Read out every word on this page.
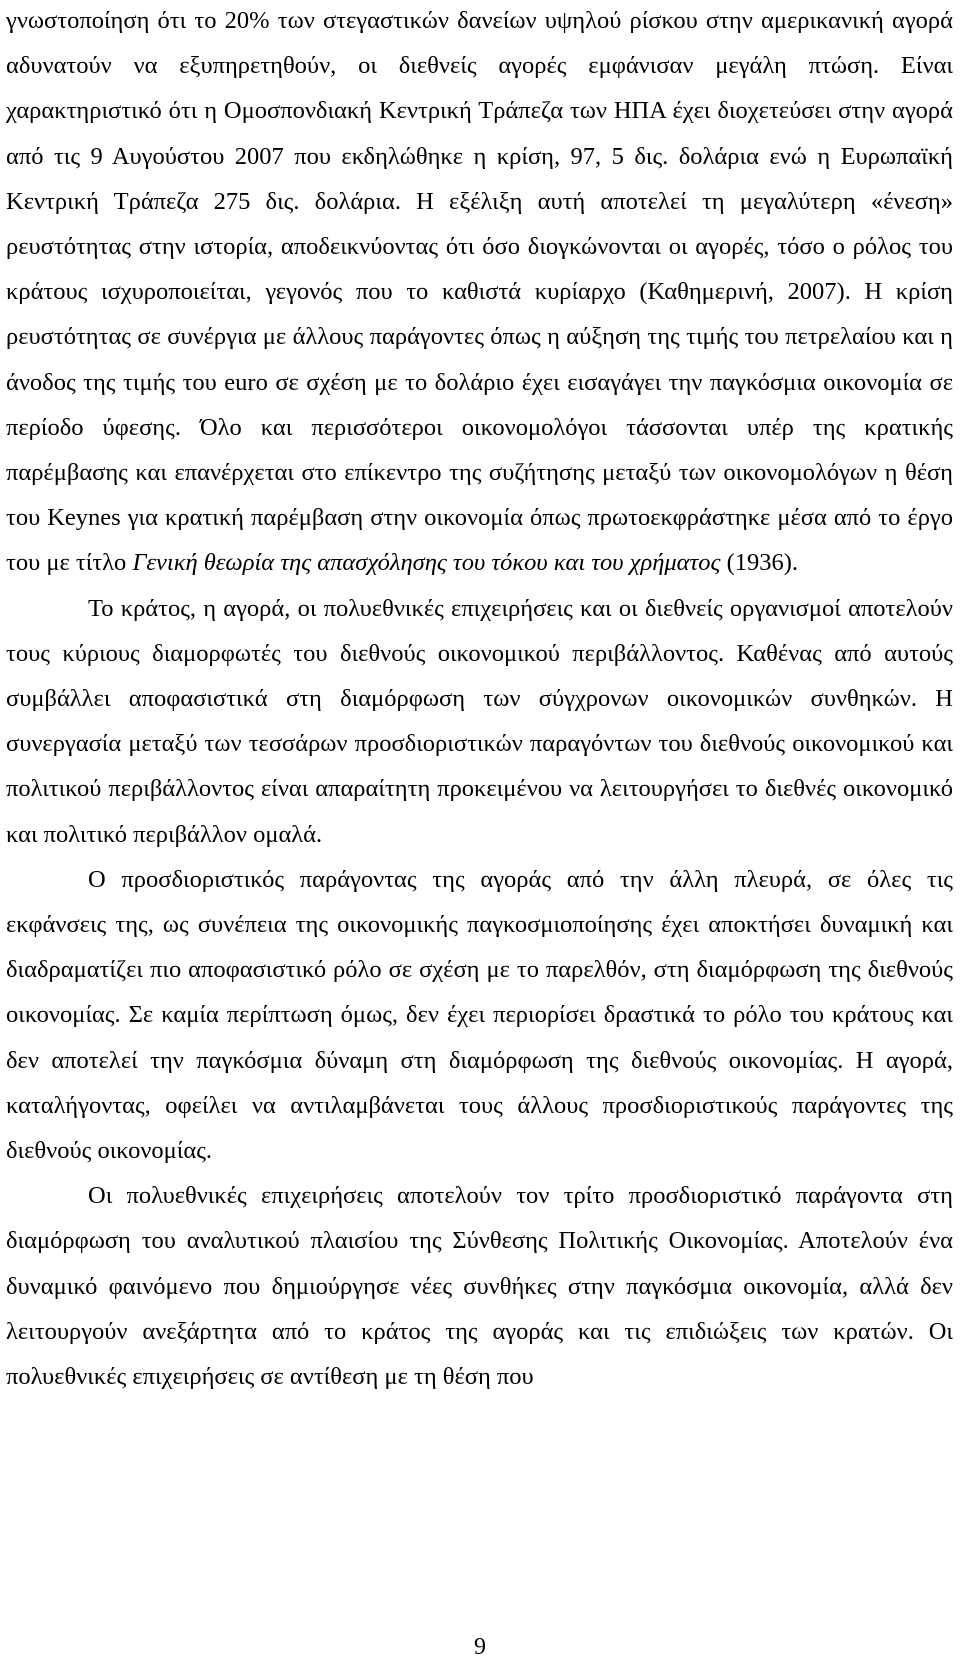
γνωστοποίηση ότι το 20% των στεγαστικών δανείων υψηλού ρίσκου στην αμερικανική αγορά αδυνατούν να εξυπηρετηθούν, οι διεθνείς αγορές εμφάνισαν μεγάλη πτώση. Είναι χαρακτηριστικό ότι η Ομοσπονδιακή Κεντρική Τράπεζα των ΗΠΑ έχει διοχετεύσει στην αγορά από τις 9 Αυγούστου 2007 που εκδηλώθηκε η κρίση, 97, 5 δις. δολάρια ενώ η Ευρωπαϊκή Κεντρική Τράπεζα 275 δις. δολάρια. Η εξέλιξη αυτή αποτελεί τη μεγαλύτερη «ένεση» ρευστότητας στην ιστορία, αποδεικνύοντας ότι όσο διογκώνονται οι αγορές, τόσο ο ρόλος του κράτους ισχυροποιείται, γεγονός που το καθιστά κυρίαρχο (Καθημερινή, 2007). Η κρίση ρευστότητας σε συνέργια με άλλους παράγοντες όπως η αύξηση της τιμής του πετρελαίου και η άνοδος της τιμής του euro σε σχέση με το δολάριο έχει εισαγάγει την παγκόσμια οικονομία σε περίοδο ύφεσης. Όλο και περισσότεροι οικονομολόγοι τάσσονται υπέρ της κρατικής παρέμβασης και επανέρχεται στο επίκεντρο της συζήτησης μεταξύ των οικονομολόγων η θέση του Keynes για κρατική παρέμβαση στην οικονομία όπως πρωτοεκφράστηκε μέσα από το έργο του με τίτλο Γενική θεωρία της απασχόλησης του τόκου και του χρήματος (1936).

Το κράτος, η αγορά, οι πολυεθνικές επιχειρήσεις και οι διεθνείς οργανισμοί αποτελούν τους κύριους διαμορφωτές του διεθνούς οικονομικού περιβάλλοντος. Καθένας από αυτούς συμβάλλει αποφασιστικά στη διαμόρφωση των σύγχρονων οικονομικών συνθηκών. Η συνεργασία μεταξύ των τεσσάρων προσδιοριστικών παραγόντων του διεθνούς οικονομικού και πολιτικού περιβάλλοντος είναι απαραίτητη προκειμένου να λειτουργήσει το διεθνές οικονομικό και πολιτικό περιβάλλον ομαλά.

Ο προσδιοριστικός παράγοντας της αγοράς από την άλλη πλευρά, σε όλες τις εκφάνσεις της, ως συνέπεια της οικονομικής παγκοσμιοποίησης έχει αποκτήσει δυναμική και διαδραματίζει πιο αποφασιστικό ρόλο σε σχέση με το παρελθόν, στη διαμόρφωση της διεθνούς οικονομίας. Σε καμία περίπτωση όμως, δεν έχει περιορίσει δραστικά το ρόλο του κράτους και δεν αποτελεί την παγκόσμια δύναμη στη διαμόρφωση της διεθνούς οικονομίας. Η αγορά, καταλήγοντας, οφείλει να αντιλαμβάνεται τους άλλους προσδιοριστικούς παράγοντες της διεθνούς οικονομίας.

Οι πολυεθνικές επιχειρήσεις αποτελούν τον τρίτο προσδιοριστικό παράγοντα στη διαμόρφωση του αναλυτικού πλαισίου της Σύνθεσης Πολιτικής Οικονομίας. Αποτελούν ένα δυναμικό φαινόμενο που δημιούργησε νέες συνθήκες στην παγκόσμια οικονομία, αλλά δεν λειτουργούν ανεξάρτητα από το κράτος της αγοράς και τις επιδιώξεις των κρατών. Οι πολυεθνικές επιχειρήσεις σε αντίθεση με τη θέση που

9
